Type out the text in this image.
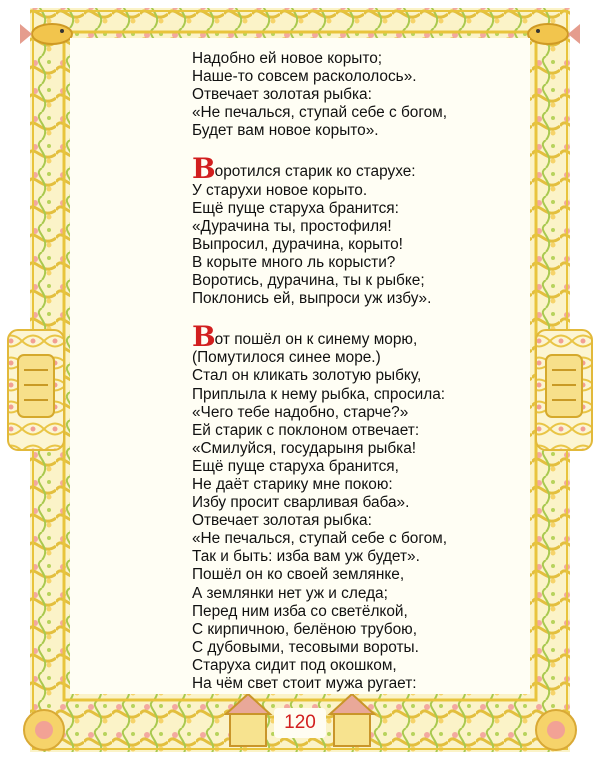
Надобно ей новое корыто;
Наше-то совсем раскололось».
Отвечает золотая рыбка:
«Не печалься, ступай себе с богом,
Будет вам новое корыто».
Воротился старик ко старухе:
У старухи новое корыто.
Ещё пуще старуха бранится:
«Дурачина ты, простофиля!
Выпросил, дурачина, корыто!
В корыте много ль корысти?
Воротись, дурачина, ты к рыбке;
Поклонись ей, выпроси уж избу».
Вот пошёл он к синему морю,
(Помутилося синее море.)
Стал он кликать золотую рыбку,
Приплыла к нему рыбка, спросила:
«Чего тебе надобно, старче?»
Ей старик с поклоном отвечает:
«Смилуйся, государыня рыбка!
Ещё пуще старуха бранится,
Не даёт старику мне покою:
Избу просит сварливая баба».
Отвечает золотая рыбка:
«Не печалься, ступай себе с богом,
Так и быть: изба вам уж будет».
Пошёл он ко своей землянке,
А землянки нет уж и следа;
Перед ним изба со светёлкой,
С кирпичною, белёною трубою,
С дубовыми, тесовыми вороты.
Старуха сидит под окошком,
На чём свет стоит мужа ругает:
120
